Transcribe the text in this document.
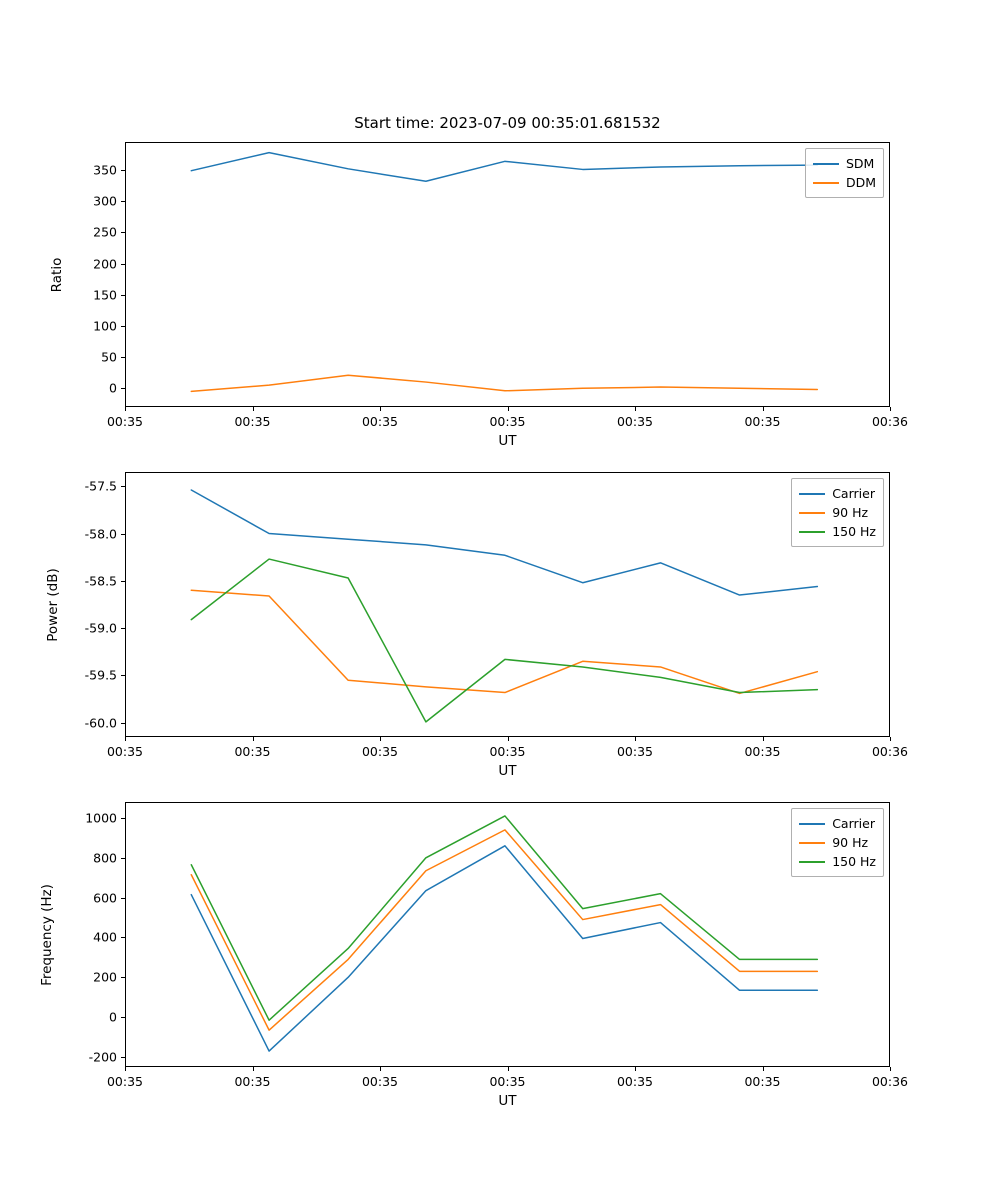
Start time: 2023-07-09 00:35:01.681532
Ratio
UT
SDM
DDM
00:35	00:35	00:35	00:35	00:35	00:35	00:36
0
50
100
150
200
250
300
350
Power (dB)
UT
Carrier
90 Hz
150 Hz
00:35	00:35	00:35	00:35	00:35	00:35	00:36
-60.0
-59.5
-59.0
-58.5
-58.0
-57.5
Frequency (Hz)
UT
Carrier
90 Hz
150 Hz
00:35	00:35	00:35	00:35	00:35	00:35	00:36
-200
0
200
400
600
800
1000
